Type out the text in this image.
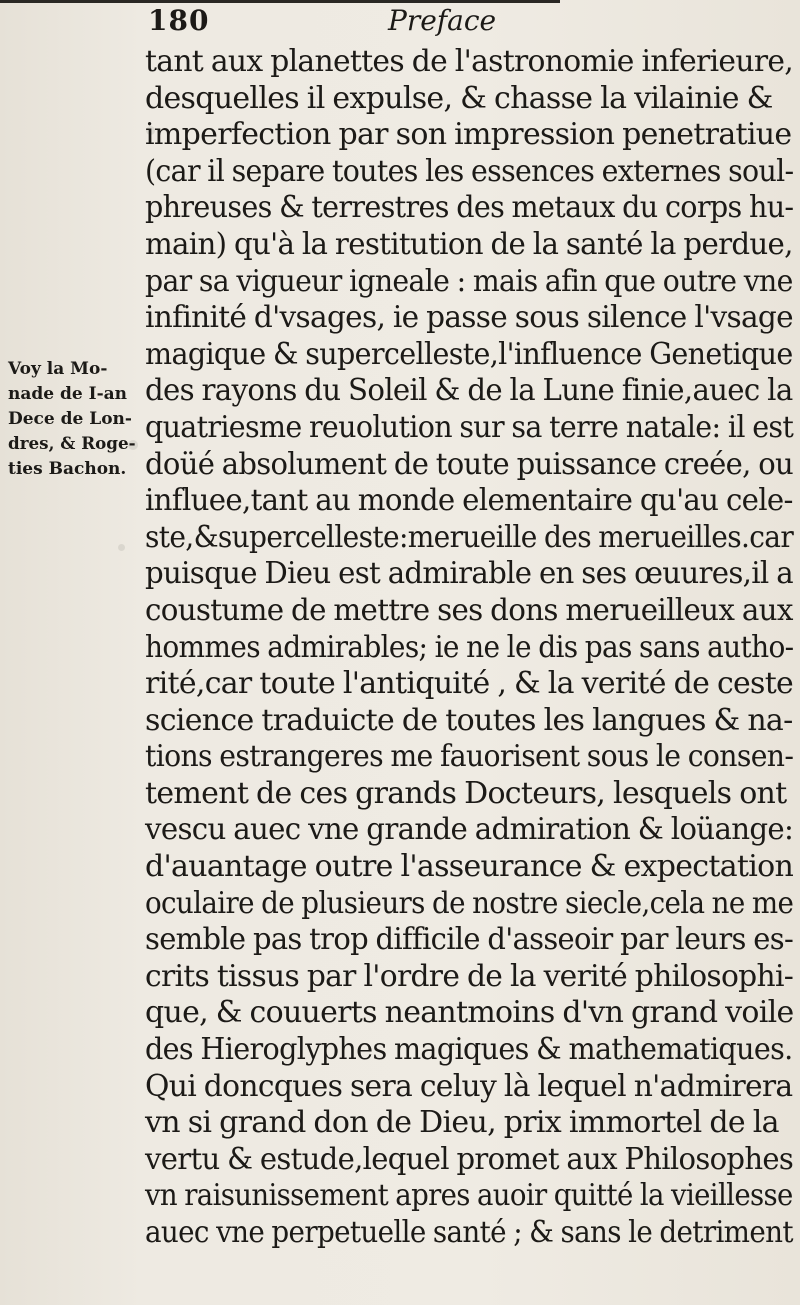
180	Preface
Voy la Mo-
nade de I-an
Dece de Lon-
dres, & Roge-
ties Bachon.
tant aux planettes de l'astronomie inferieure,
desquelles il expulse, & chasse la vilainie &
imperfection par son impression penetratiue
(car il separe toutes les essences externes soul-
phreuses & terrestres des metaux du corps hu-
main) qu'à la restitution de la santé la perdue,
par sa vigueur igneale : mais afin que outre vne
infinité d'vsages, ie passe sous silence l'vsage
magique & supercelleste,l'influence Genetique
des rayons du Soleil & de la Lune finie,auec la
quatriesme reuolution sur sa terre natale: il est
doüé absolument de toute puissance creée, ou
influee,tant au monde elementaire qu'au cele-
ste,&supercelleste:merueille des merueilles.car
puisque Dieu est admirable en ses œuures,il a
coustume de mettre ses dons merueilleux aux
hommes admirables; ie ne le dis pas sans autho-
rité,car toute l'antiquité , & la verité de ceste
science traduicte de toutes les langues & na-
tions estrangeres me fauorisent sous le consen-
tement de ces grands Docteurs, lesquels ont
vescu auec vne grande admiration & loüange:
d'auantage outre l'asseurance & expectation
oculaire de plusieurs de nostre siecle,cela ne me
semble pas trop difficile d'asseoir par leurs es-
crits tissus par l'ordre de la verité philosophi-
que, & couuerts neantmoins d'vn grand voile
des Hieroglyphes magiques & mathematiques.
Qui doncques sera celuy là lequel n'admirera
vn si grand don de Dieu, prix immortel de la
vertu & estude,lequel promet aux Philosophes
vn raisunissement apres auoir quitté la vieillesse
auec vne perpetuelle santé ; & sans le detriment
